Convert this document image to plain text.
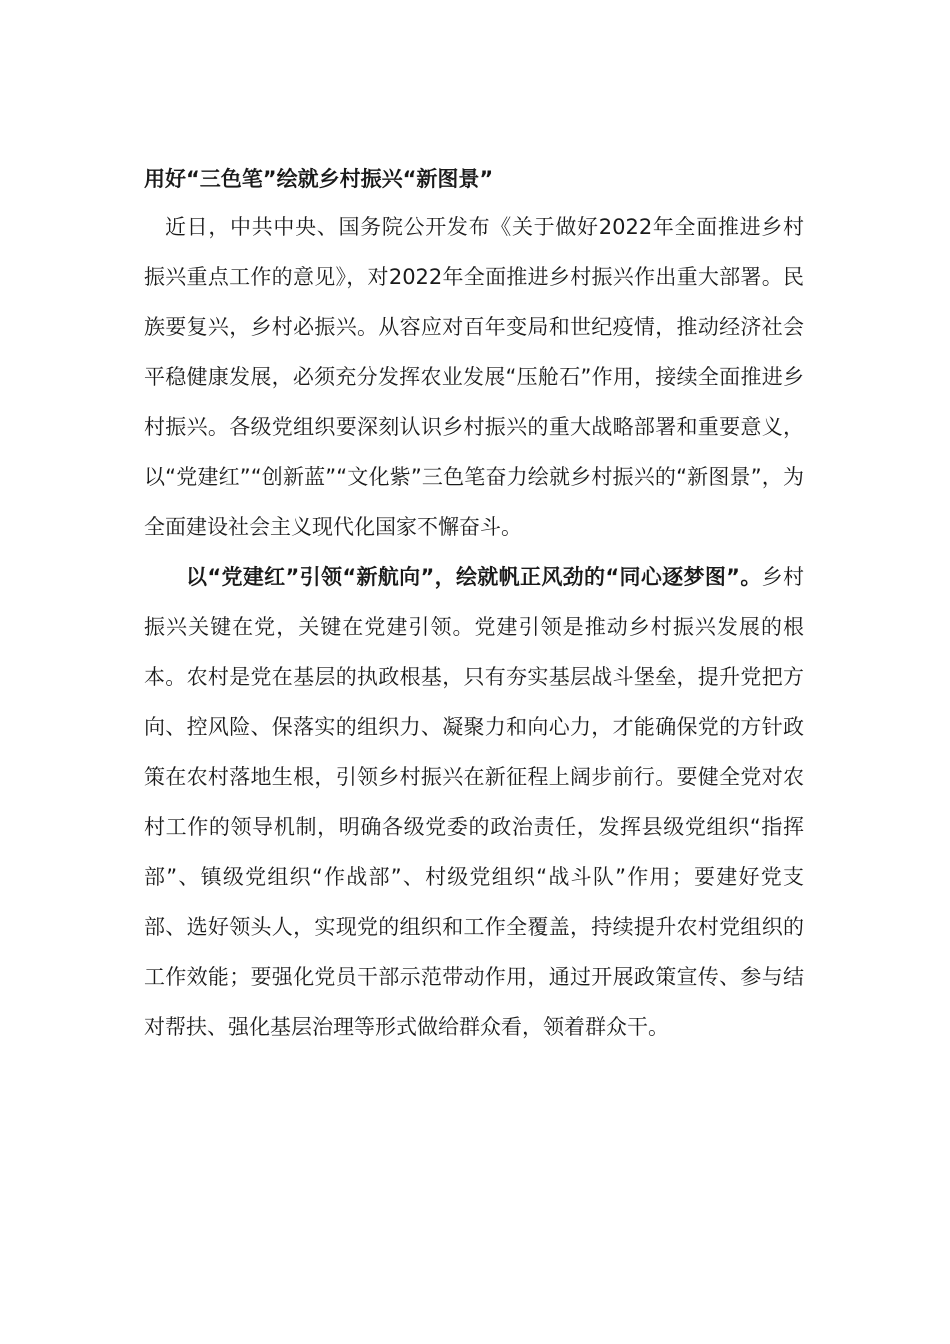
用好“三色笔”绘就乡村振兴“新图景”

近日，中共中央、国务院公开发布《关于做好2022年全面推进乡村振兴重点工作的意见》，对2022年全面推进乡村振兴作出重大部署。民族要复兴，乡村必振兴。从容应对百年变局和世纪疫情，推动经济社会平稳健康发展，必须充分发挥农业发展“压舱石”作用，接续全面推进乡村振兴。各级党组织要深刻认识乡村振兴的重大战略部署和重要意义，以“党建红”“创新蓝”“文化紫”三色笔奋力绘就乡村振兴的“新图景”，为全面建设社会主义现代化国家不懈奋斗。

以“党建红”引领“新航向”，绘就帆正风劲的“同心逐梦图”。乡村振兴关键在党，关键在党建引领。党建引领是推动乡村振兴发展的根本。农村是党在基层的执政根基，只有夯实基层战斗堡垒，提升党把方向、控风险、保落实的组织力、凝聚力和向心力，才能确保党的方针政策在农村落地生根，引领乡村振兴在新征程上阔步前行。要健全党对农村工作的领导机制，明确各级党委的政治责任，发挥县级党组织“指挥部”、镇级党组织“作战部”、村级党组织“战斗队”作用；要建好党支部、选好领头人，实现党的组织和工作全覆盖，持续提升农村党组织的工作效能；要强化党员干部示范带动作用，通过开展政策宣传、参与结对帮扶、强化基层治理等形式做给群众看，领着群众干。
